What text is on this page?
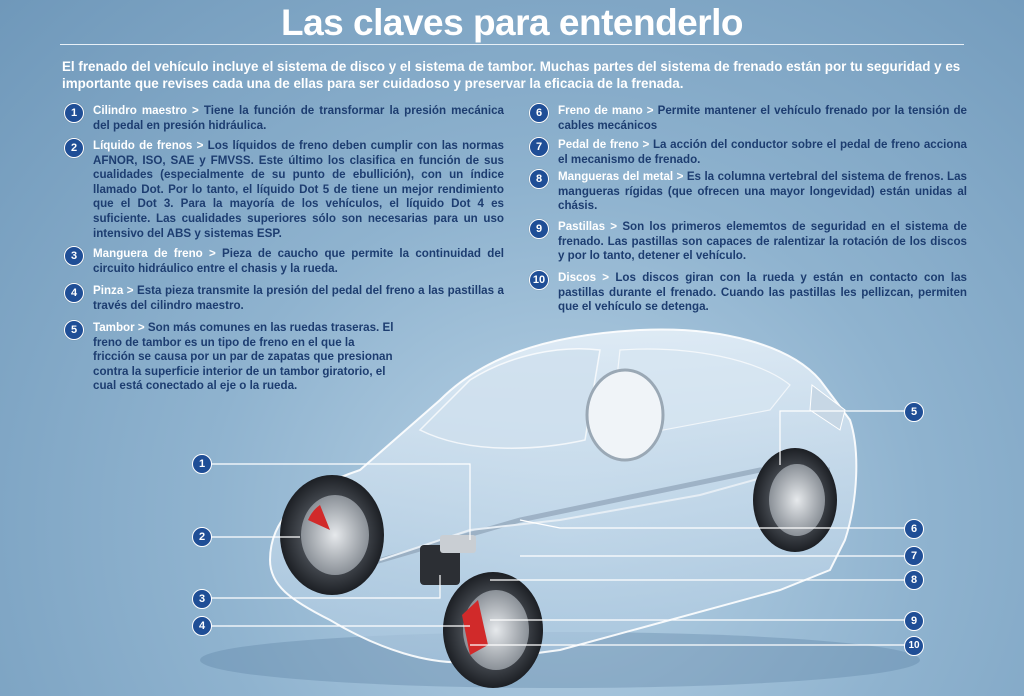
Las claves para entenderlo
El frenado del vehículo incluye el sistema de disco y el sistema de tambor. Muchas partes del sistema de frenado están por tu seguridad y es importante que revises cada una de ellas para ser cuidadoso y preservar la eficacia de la frenada.
1	Cilindro maestro > Tiene la función de transformar la presión mecánica del pedal en presión hidráulica.
2	Líquido de frenos > Los líquidos de freno deben cumplir con las normas AFNOR, ISO, SAE y FMVSS. Este último los clasifica en función de sus cualidades (especialmente de su punto de ebullición), con un índice llamado Dot. Por lo tanto, el líquido Dot 5 de tiene un mejor rendimiento que el Dot 3. Para la mayoría de los vehículos, el líquido Dot 4 es suficiente. Las cualidades superiores sólo son necesarias para un uso intensivo del ABS y sistemas ESP.
3	Manguera de freno > Pieza de caucho que permite la continuidad del circuito hidráulico entre el chasis y la rueda.
4	Pinza > Esta pieza transmite la presión del pedal del freno a las pastillas a través del cilindro maestro.
5	Tambor > Son más comunes en las ruedas traseras. El freno de tambor es un tipo de freno en el que la fricción se causa por un par de zapatas que presionan contra la superficie interior de un tambor giratorio, el cual está conectado al eje o la rueda.
6	Freno de mano > Permite mantener el vehículo frenado por la tensión de cables mecánicos
7	Pedal de freno > La acción del conductor sobre el pedal de freno acciona el mecanismo de frenado.
8	Mangueras del metal > Es la columna vertebral del sistema de frenos. Las mangueras rígidas (que ofrecen una mayor longevidad) están unidas al chásis.
9	Pastillas > Son los primeros elememtos de seguridad en el sistema de frenado. Las pastillas son capaces de ralentizar la rotación de los discos y por lo tanto, detener el vehículo.
10	Discos > Los discos giran con la rueda y están en contacto con las pastillas durante el frenado. Cuando las pastillas les pellizcan, permiten que el vehículo se detenga.
1
2
3
4
5
6
7
8
9
10
